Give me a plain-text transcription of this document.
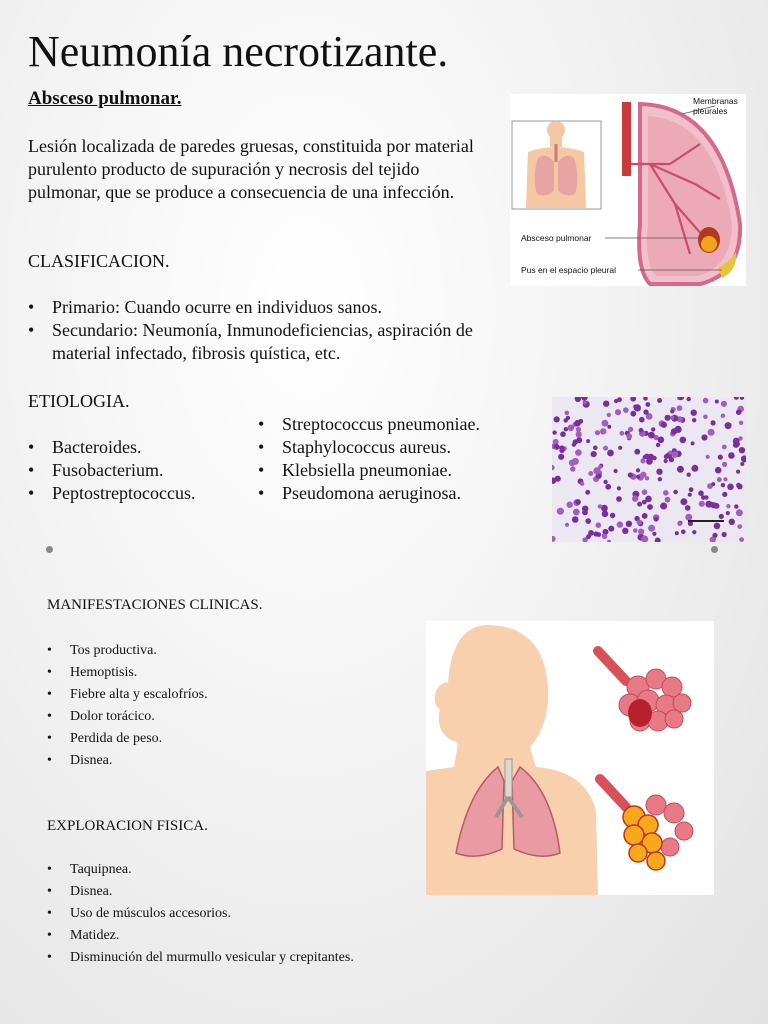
Neumonía necrotizante.
Absceso pulmonar.
Lesión localizada de paredes gruesas, constituida por material purulento producto de supuración y necrosis del tejido pulmonar, que se produce a consecuencia de una infección.
CLASIFICACION.
• Primario: Cuando ocurre en individuos sanos.
• Secundario: Neumonía, Inmunodeficiencias, aspiración de material infectado, fibrosis quística, etc.
ETIOLOGIA.
• Bacteroides.
• Fusobacterium.
• Peptostreptococcus.
• Streptococcus pneumoniae.
• Staphylococcus aureus.
• Klebsiella pneumoniae.
• Pseudomona aeruginosa.
MANIFESTACIONES CLINICAS.
• Tos productiva.
• Hemoptisis.
• Fiebre alta y escalofríos.
• Dolor torácico.
• Perdida de peso.
• Disnea.
EXPLORACION FISICA.
• Taquipnea.
• Disnea.
• Uso de músculos accesorios.
• Matidez.
• Disminución del murmullo vesicular y crepitantes.
Membranas pleurales
Absceso pulmonar
Pus en el espacio pleural
